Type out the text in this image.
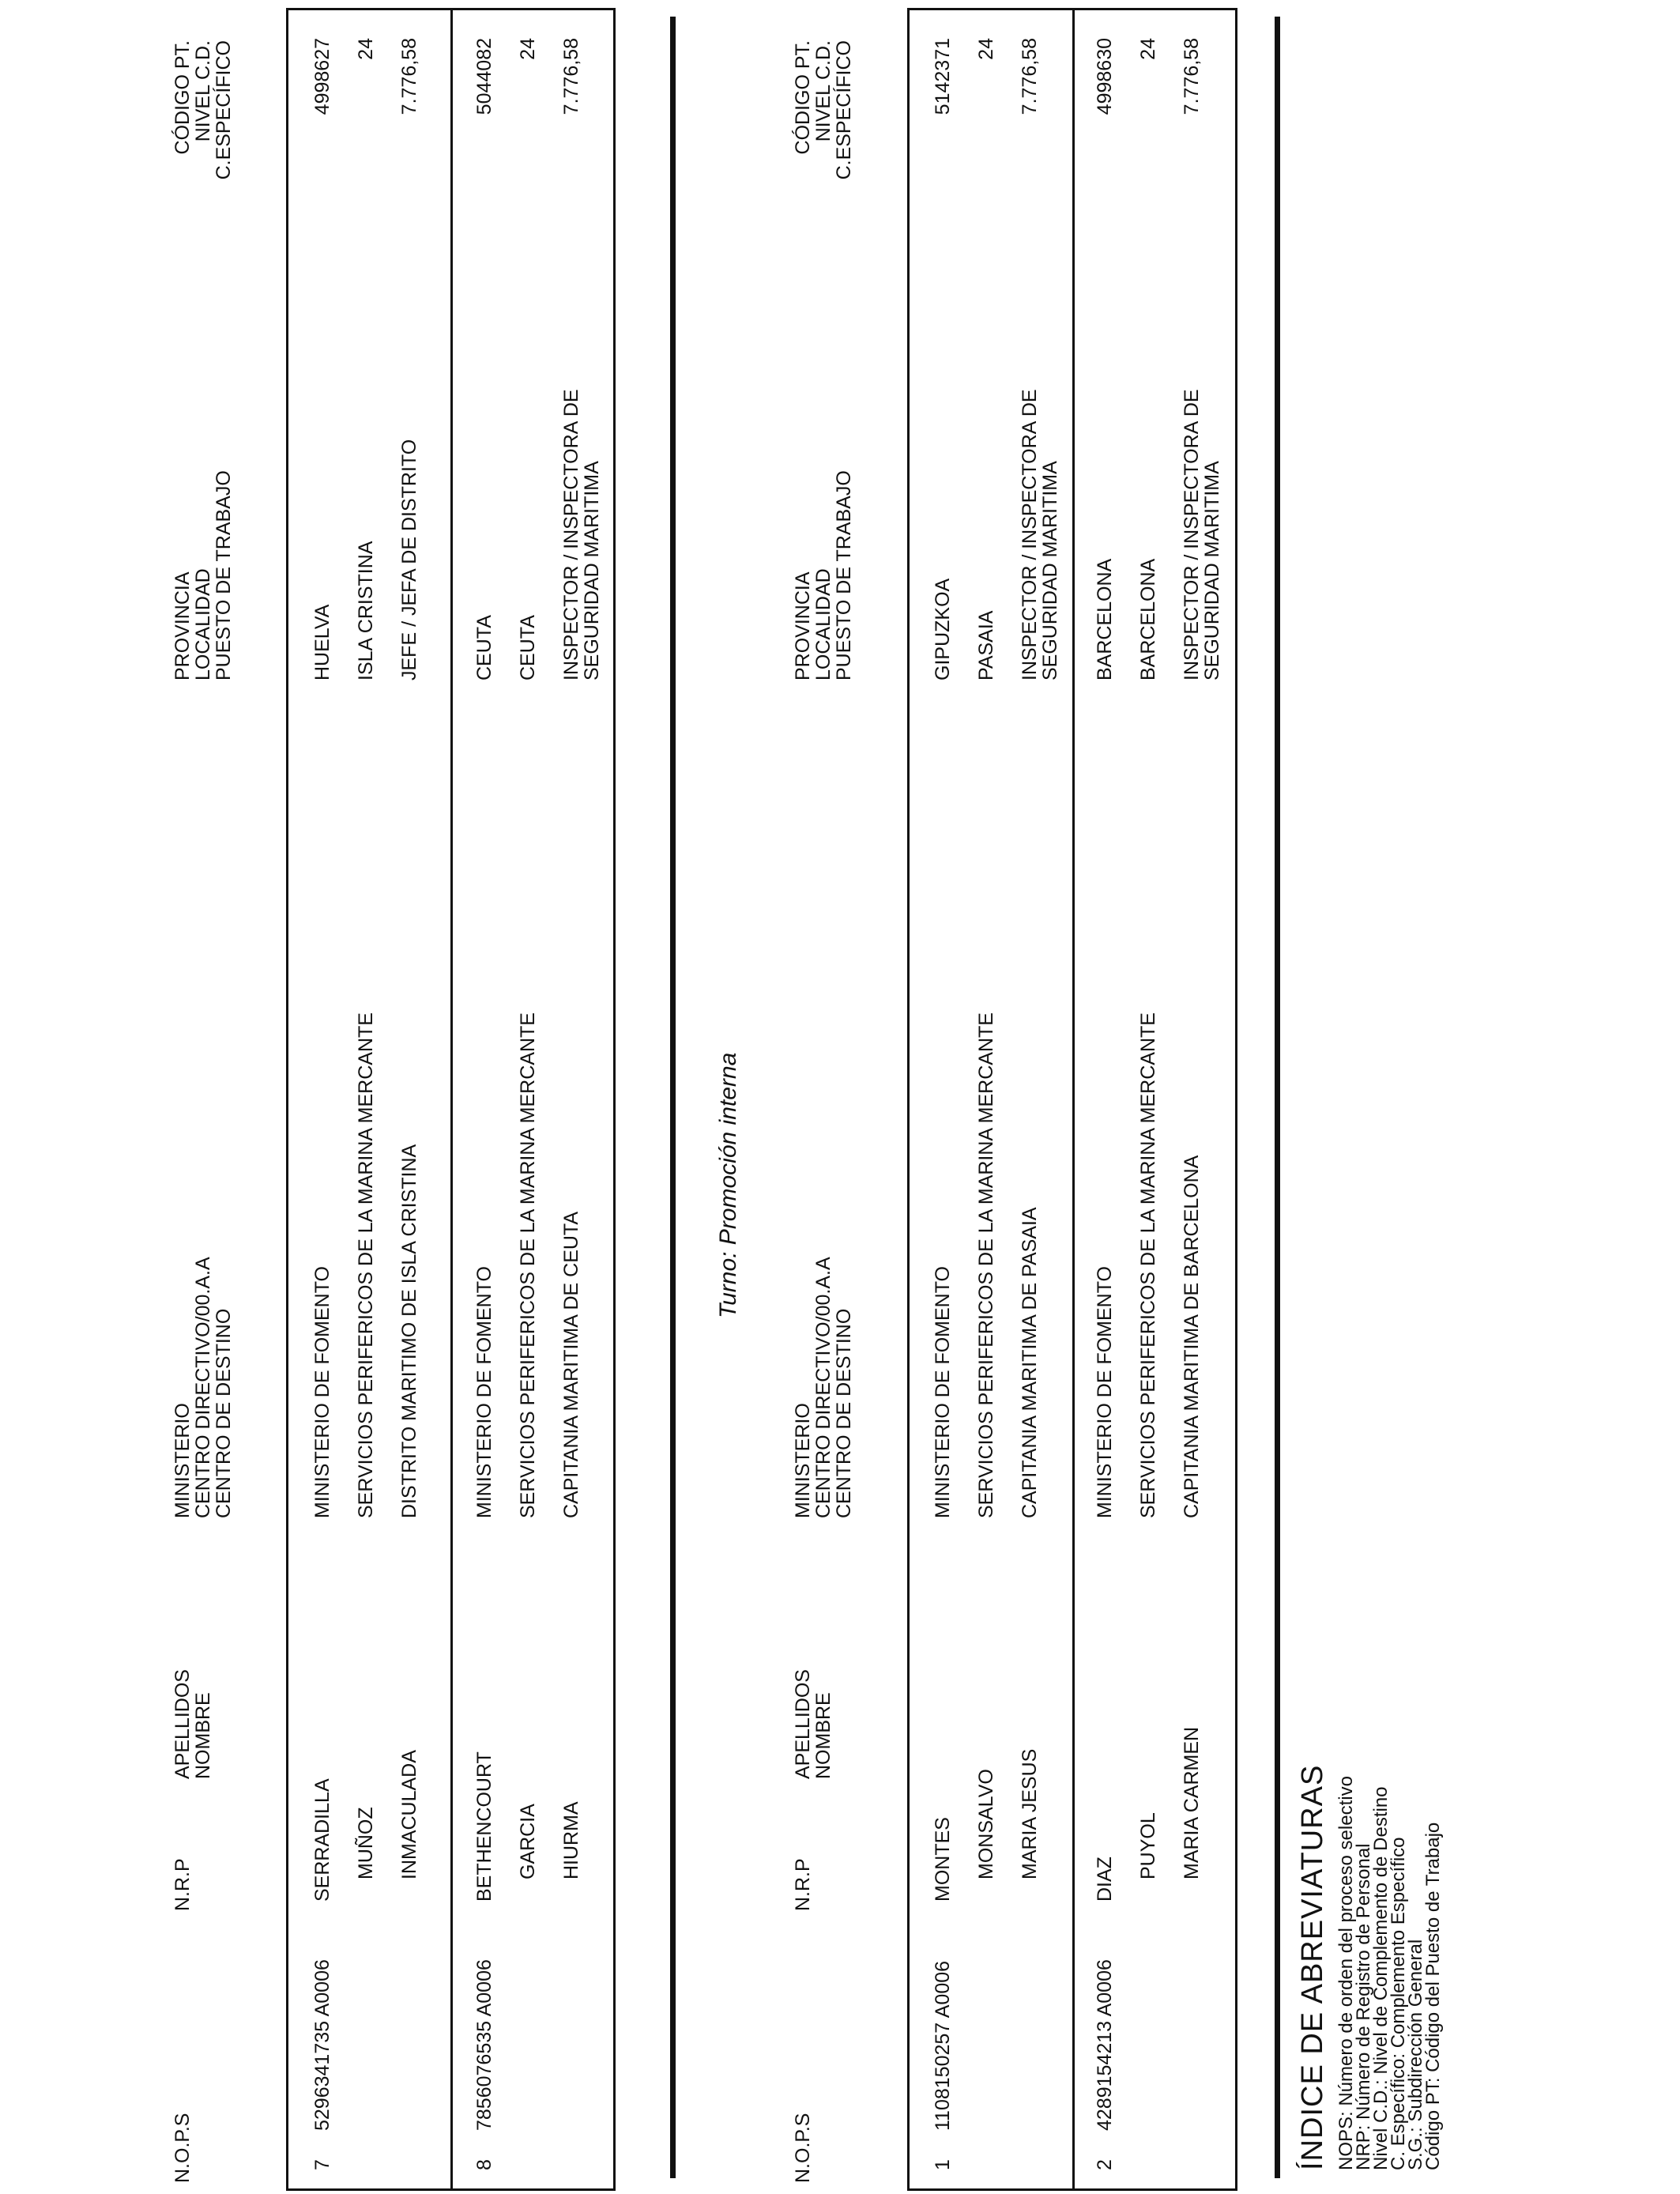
N.O.P.S
N.R.P
APELLIDOS
NOMBRE
MINISTERIO
CENTRO DIRECTIVO/00.A.A
CENTRO DE DESTINO
PROVINCIA
LOCALIDAD
PUESTO DE TRABAJO
CÓDIGO PT.
NIVEL C.D.
C.ESPECÍFICO
7
5296341735 A0006
SERRADILLA MUÑOZ INMACULADA
MINISTERIO DE FOMENTO SERVICIOS PERIFERICOS DE LA MARINA MERCANTE DISTRITO MARITIMO DE ISLA CRISTINA
HUELVA ISLA CRISTINA JEFE / JEFA DE DISTRITO
4998627 24 7.776,58
8
7856076535 A0006
BETHENCOURT GARCIA HIURMA
MINISTERIO DE FOMENTO SERVICIOS PERIFERICOS DE LA MARINA MERCANTE CAPITANIA MARITIMA DE CEUTA
CEUTA CEUTA INSPECTOR / INSPECTORA DE
SEGURIDAD MARITIMA
5044082 24 7.776,58
Turno: Promoción interna
N.O.P.S
N.R.P
APELLIDOS
NOMBRE
MINISTERIO
CENTRO DIRECTIVO/00.A.A
CENTRO DE DESTINO
PROVINCIA
LOCALIDAD
PUESTO DE TRABAJO
CÓDIGO PT.
NIVEL C.D.
C.ESPECÍFICO
1
1108150257 A0006
MONTES MONSALVO MARIA JESUS
MINISTERIO DE FOMENTO SERVICIOS PERIFERICOS DE LA MARINA MERCANTE CAPITANIA MARITIMA DE PASAIA
GIPUZKOA PASAIA INSPECTOR / INSPECTORA DE
SEGURIDAD MARITIMA
5142371 24 7.776,58
2
4289154213 A0006
DIAZ PUYOL MARIA CARMEN
MINISTERIO DE FOMENTO SERVICIOS PERIFERICOS DE LA MARINA MERCANTE CAPITANIA MARITIMA DE BARCELONA
BARCELONA BARCELONA INSPECTOR / INSPECTORA DE
SEGURIDAD MARITIMA
4998630 24 7.776,58
ÍNDICE DE ABREVIATURAS NOPS: Número de orden del proceso selectivo
NRP: Número de Registro de Personal
Nivel C.D.: Nivel de Complemento de Destino
C. Específico: Complemento Específico
S.G.: Subdirección General
Código PT: Código del Puesto de Trabajo
